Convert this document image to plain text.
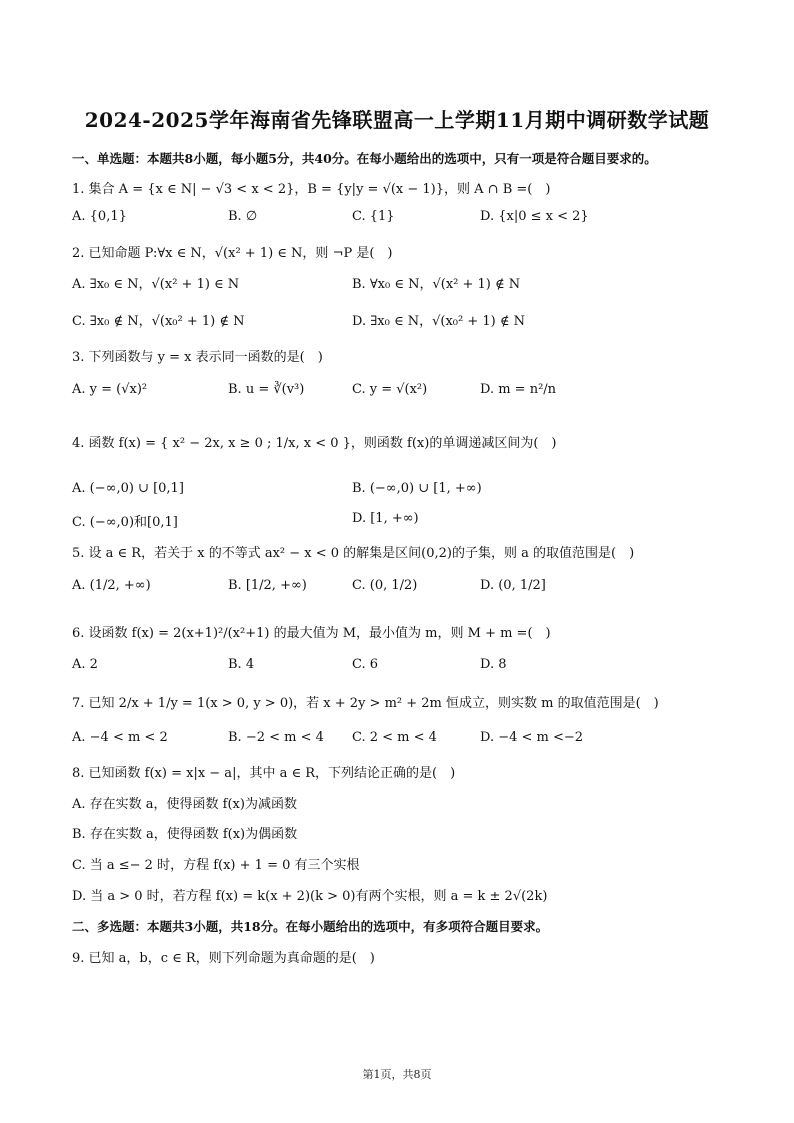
2024-2025学年海南省先锋联盟高一上学期11月期中调研数学试题
一、单选题：本题共8小题，每小题5分，共40分。在每小题给出的选项中，只有一项是符合题目要求的。
1. 集合 A = {x ∈ N| − √3 < x < 2}，B = {y|y = √(x − 1)}，则 A ∩ B =(　)
A. {0,1}	B. ∅	C. {1}	D. {x|0 ≤ x < 2}
2. 已知命题 P:∀x ∈ N，√(x² + 1) ∈ N，则 ¬P 是(　)
A. ∃x₀ ∈ N，√(x² + 1) ∈ N	B. ∀x₀ ∈ N，√(x² + 1) ∉ N
C. ∃x₀ ∉ N，√(x₀² + 1) ∉ N	D. ∃x₀ ∈ N，√(x₀² + 1) ∉ N
3. 下列函数与 y = x 表示同一函数的是(　)
A. y = (√x)²	B. u = ∛(v³)	C. y = √(x²)	D. m = n²/n
4. 函数 f(x) = { x² − 2x, x ≥ 0 ; 1/x, x < 0 }，则函数 f(x)的单调递减区间为(　)
A. (−∞,0) ∪ [0,1]	B. (−∞,0) ∪ [1, +∞)
C. (−∞,0)和[0,1]	D. [1, +∞)
5. 设 a ∈ R，若关于 x 的不等式 ax² − x < 0 的解集是区间(0,2)的子集，则 a 的取值范围是(　)
A. (1/2, +∞)	B. [1/2, +∞)	C. (0, 1/2)	D. (0, 1/2]
6. 设函数 f(x) = 2(x+1)²/(x²+1) 的最大值为 M，最小值为 m，则 M + m =(　)
A. 2	B. 4	C. 6	D. 8
7. 已知 2/x + 1/y = 1(x > 0, y > 0)，若 x + 2y > m² + 2m 恒成立，则实数 m 的取值范围是(　)
A. −4 < m < 2	B. −2 < m < 4 C. 2 < m < 4	D. −4 < m <−2
8. 已知函数 f(x) = x|x − a|，其中 a ∈ R，下列结论正确的是(　)
A. 存在实数 a，使得函数 f(x)为减函数
B. 存在实数 a，使得函数 f(x)为偶函数
C. 当 a ≤− 2 时，方程 f(x) + 1 = 0 有三个实根
D. 当 a > 0 时，若方程 f(x) = k(x + 2)(k > 0)有两个实根，则 a = k ± 2√(2k)
二、多选题：本题共3小题，共18分。在每小题给出的选项中，有多项符合题目要求。
9. 已知 a，b，c ∈ R，则下列命题为真命题的是(　)
第1页，共8页
